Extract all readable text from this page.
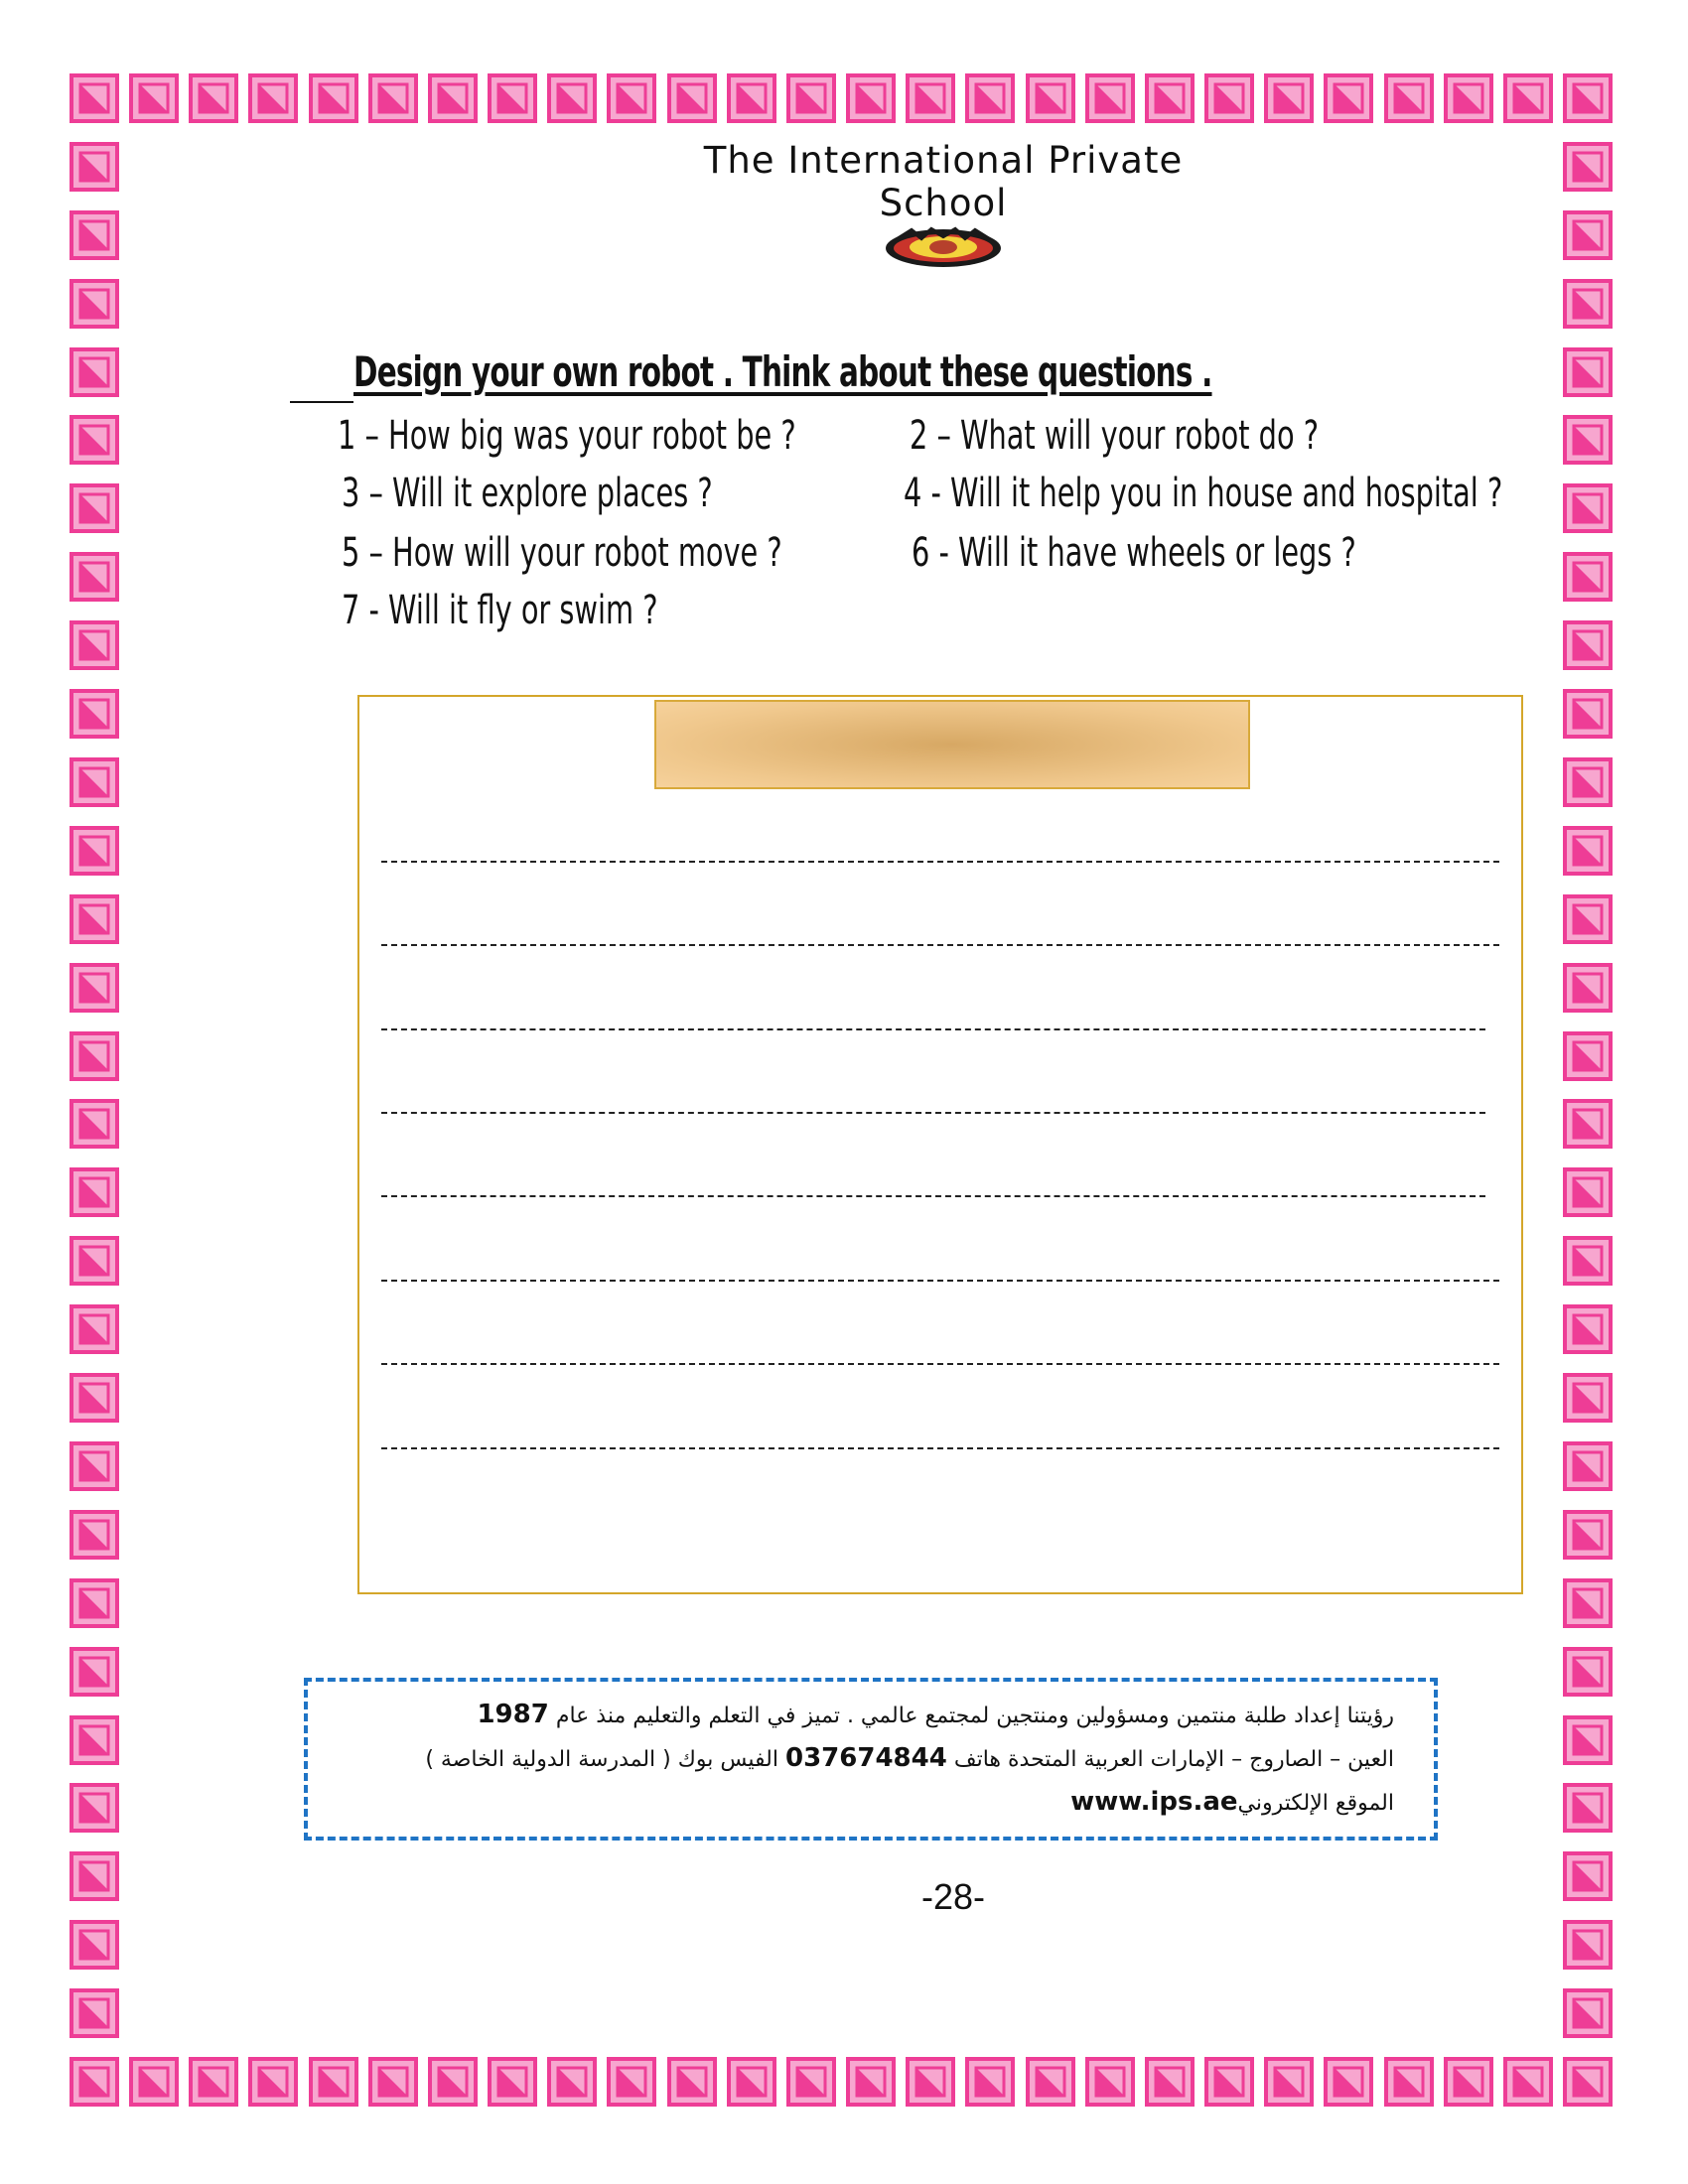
The International Private School
Design your own robot . Think about these questions .
1 – How big was your robot be ?	2 – What will your robot do ?
3 – Will it explore places ?	4 - Will it help you in house and hospital ?
5 – How will your robot move ?	6 - Will it have wheels or legs ?
7 - Will it fly or swim ?
رؤيتنا إعداد طلبة منتمين ومسؤولين ومنتجين لمجتمع عالمي . تميز في التعلم والتعليم منذ عام 1987
العين – الصاروج – الإمارات العربية المتحدة هاتف 037674844 الفيس بوك ( المدرسة الدولية الخاصة )
الموقع الإلكترونيwww.ips.ae
-28-
